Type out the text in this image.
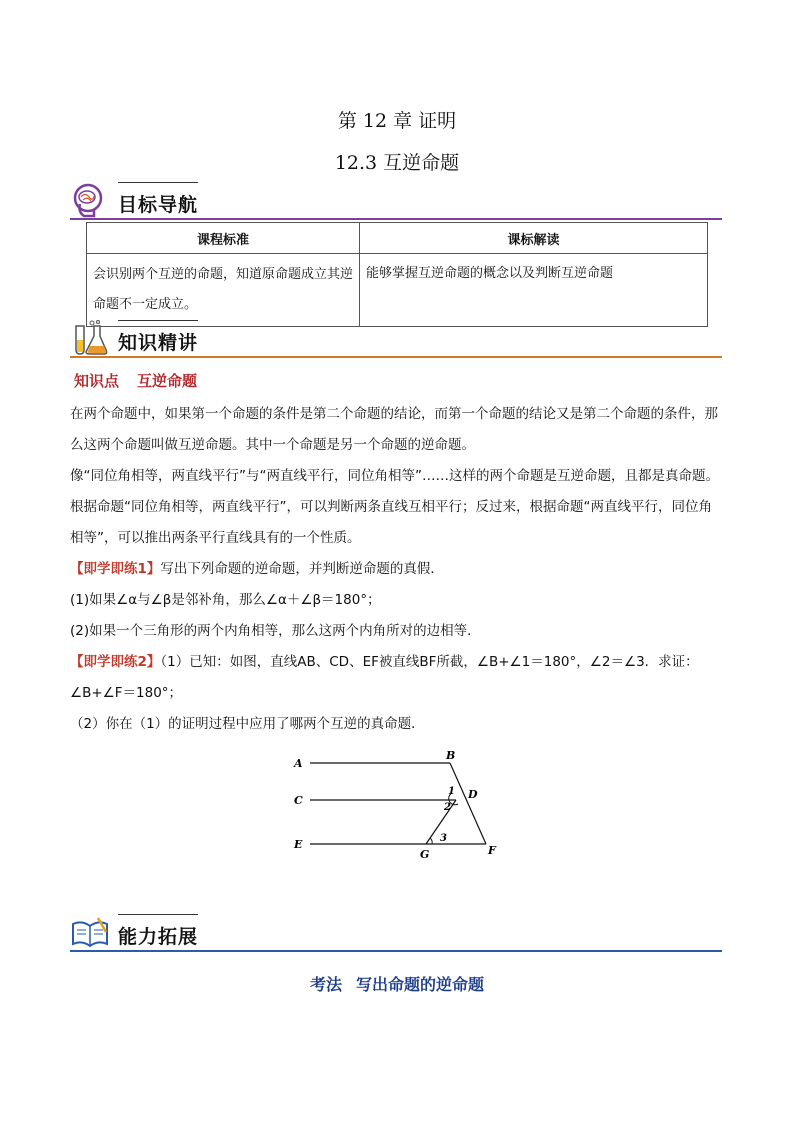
第 12 章 证明
12.3 互逆命题
目标导航
课程标准	课标解读
会识别两个互逆的命题，知道原命题成立其逆命题不一定成立。	能够掌握互逆命题的概念以及判断互逆命题
知识精讲
知识点 互逆命题

在两个命题中，如果第一个命题的条件是第二个命题的结论，而第一个命题的结论又是第二个命题的条件，那么这两个命题叫做互逆命题。其中一个命题是另一个命题的逆命题。

像“同位角相等，两直线平行”与“两直线平行，同位角相等”……这样的两个命题是互逆命题，且都是真命题。根据命题“同位角相等，两直线平行”，可以判断两条直线互相平行；反过来，根据命题“两直线平行，同位角相等”，可以推出两条平行直线具有的一个性质。

【即学即练1】写出下列命题的逆命题，并判断逆命题的真假．

(1)如果∠α与∠β是邻补角，那么∠α＋∠β＝180°；

(2)如果一个三角形的两个内角相等，那么这两个内角所对的边相等．

【即学即练2】（1）已知：如图，直线AB、CD、EF被直线BF所截，∠B+∠1＝180°，∠2＝∠3．求证：∠B+∠F＝180°；

（2）你在（1）的证明过程中应用了哪两个互逆的真命题．

A
B
C	D
E	F
G
1
2
3
能力拓展
考法 写出命题的逆命题
